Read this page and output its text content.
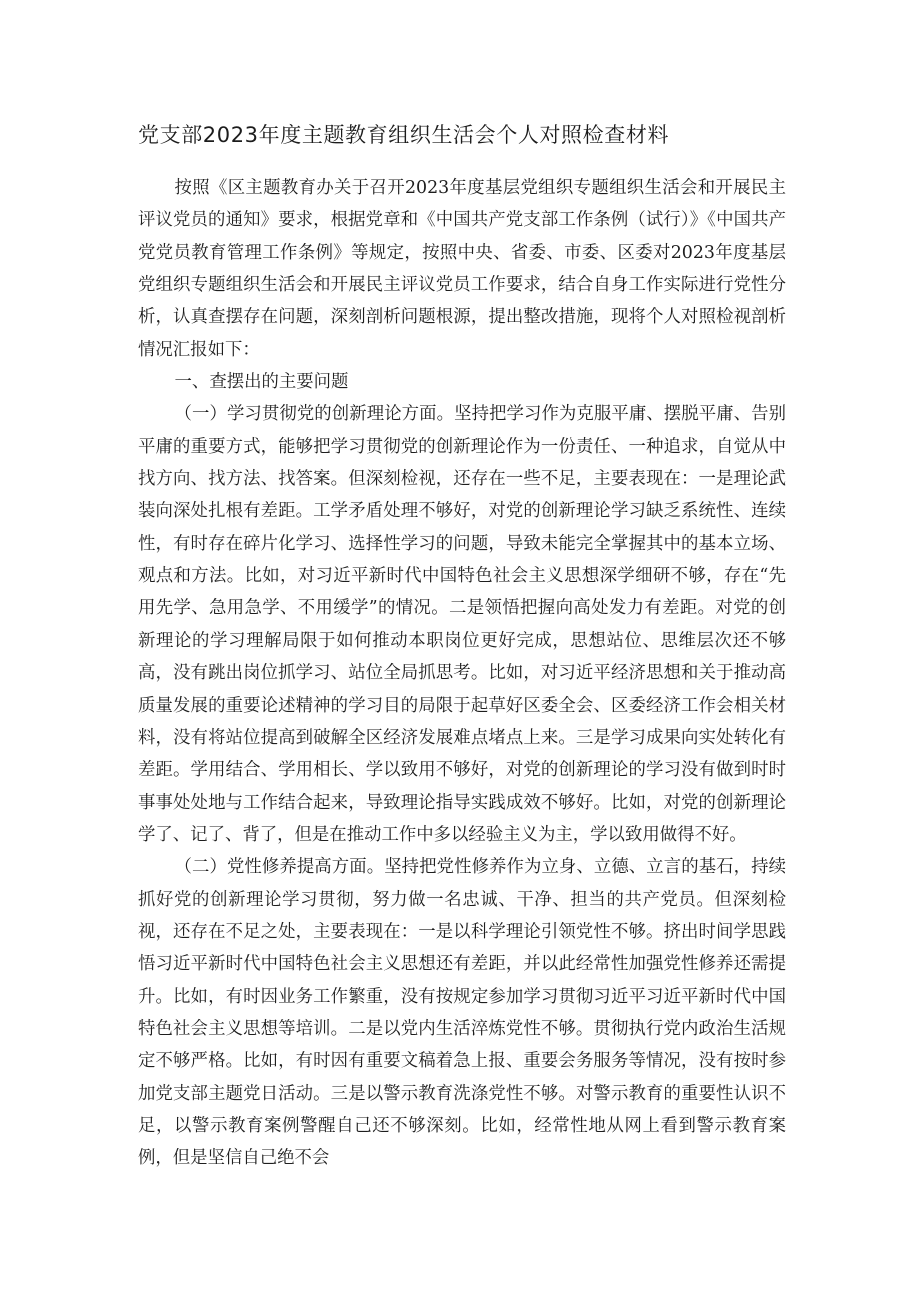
党支部2023年度主题教育组织生活会个人对照检查材料

按照《区主题教育办关于召开2023年度基层党组织专题组织生活会和开展民主评议党员的通知》要求，根据党章和《中国共产党支部工作条例（试行）》《中国共产党党员教育管理工作条例》等规定，按照中央、省委、市委、区委对2023年度基层党组织专题组织生活会和开展民主评议党员工作要求，结合自身工作实际进行党性分析，认真查摆存在问题，深刻剖析问题根源，提出整改措施，现将个人对照检视剖析情况汇报如下：

一、查摆出的主要问题

（一）学习贯彻党的创新理论方面。坚持把学习作为克服平庸、摆脱平庸、告别平庸的重要方式，能够把学习贯彻党的创新理论作为一份责任、一种追求，自觉从中找方向、找方法、找答案。但深刻检视，还存在一些不足，主要表现在：一是理论武装向深处扎根有差距。工学矛盾处理不够好，对党的创新理论学习缺乏系统性、连续性，有时存在碎片化学习、选择性学习的问题，导致未能完全掌握其中的基本立场、观点和方法。比如，对习近平新时代中国特色社会主义思想深学细研不够，存在“先用先学、急用急学、不用缓学”的情况。二是领悟把握向高处发力有差距。对党的创新理论的学习理解局限于如何推动本职岗位更好完成，思想站位、思维层次还不够高，没有跳出岗位抓学习、站位全局抓思考。比如，对习近平经济思想和关于推动高质量发展的重要论述精神的学习目的局限于起草好区委全会、区委经济工作会相关材料，没有将站位提高到破解全区经济发展难点堵点上来。三是学习成果向实处转化有差距。学用结合、学用相长、学以致用不够好，对党的创新理论的学习没有做到时时事事处处地与工作结合起来，导致理论指导实践成效不够好。比如，对党的创新理论学了、记了、背了，但是在推动工作中多以经验主义为主，学以致用做得不好。

（二）党性修养提高方面。坚持把党性修养作为立身、立德、立言的基石，持续抓好党的创新理论学习贯彻，努力做一名忠诚、干净、担当的共产党员。但深刻检视，还存在不足之处，主要表现在：一是以科学理论引领党性不够。挤出时间学思践悟习近平新时代中国特色社会主义思想还有差距，并以此经常性加强党性修养还需提升。比如，有时因业务工作繁重，没有按规定参加学习贯彻习近平习近平新时代中国特色社会主义思想等培训。二是以党内生活淬炼党性不够。贯彻执行党内政治生活规定不够严格。比如，有时因有重要文稿着急上报、重要会务服务等情况，没有按时参加党支部主题党日活动。三是以警示教育洗涤党性不够。对警示教育的重要性认识不足，以警示教育案例警醒自己还不够深刻。比如，经常性地从网上看到警示教育案例，但是坚信自己绝不会
